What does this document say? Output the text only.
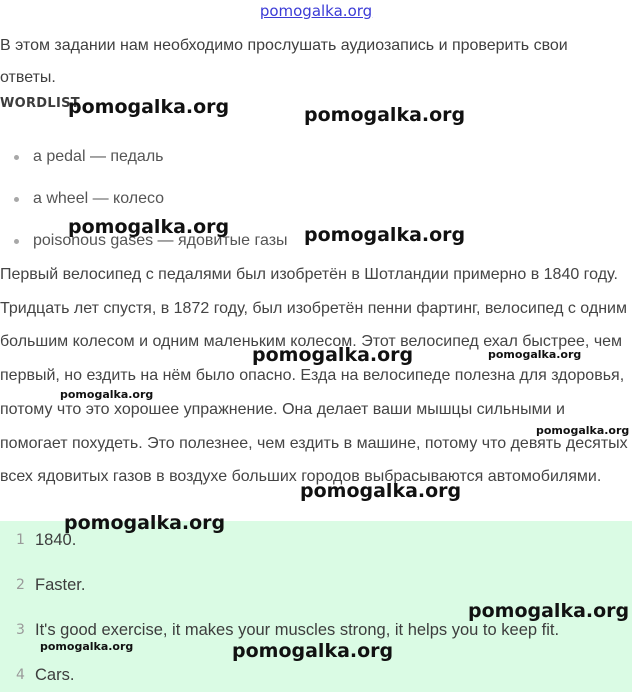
pomogalka.org
В этом задании нам необходимо прослушать аудиозапись и проверить свои ответы.
WORDLIST
a pedal — педаль
a wheel — колесо
poisonous gases — ядовитые газы
Первый велосипед с педалями был изобретён в Шотландии примерно в 1840 году. Тридцать лет спустя, в 1872 году, был изобретён пенни фартинг, велосипед с одним большим колесом и одним маленьким колесом. Этот велосипед ехал быстрее, чем первый, но ездить на нём было опасно. Езда на велосипеде полезна для здоровья, потому что это хорошее упражнение. Она делает ваши мышцы сильными и помогает похудеть. Это полезнее, чем ездить в машине, потому что девять десятых всех ядовитых газов в воздухе больших городов выбрасываются автомобилями.
1 1840.
2 Faster.
3 It's good exercise, it makes your muscles strong, it helps you to keep fit.
4 Cars.
pomogalka.org	pomogalka.org
pomogalka.org	pomogalka.org
pomogalka.org	pomogalka.org
pomogalka.org
pomogalka.org
pomogalka.org
pomogalka.org
pomogalka.org
pomogalka.org	pomogalka.org
